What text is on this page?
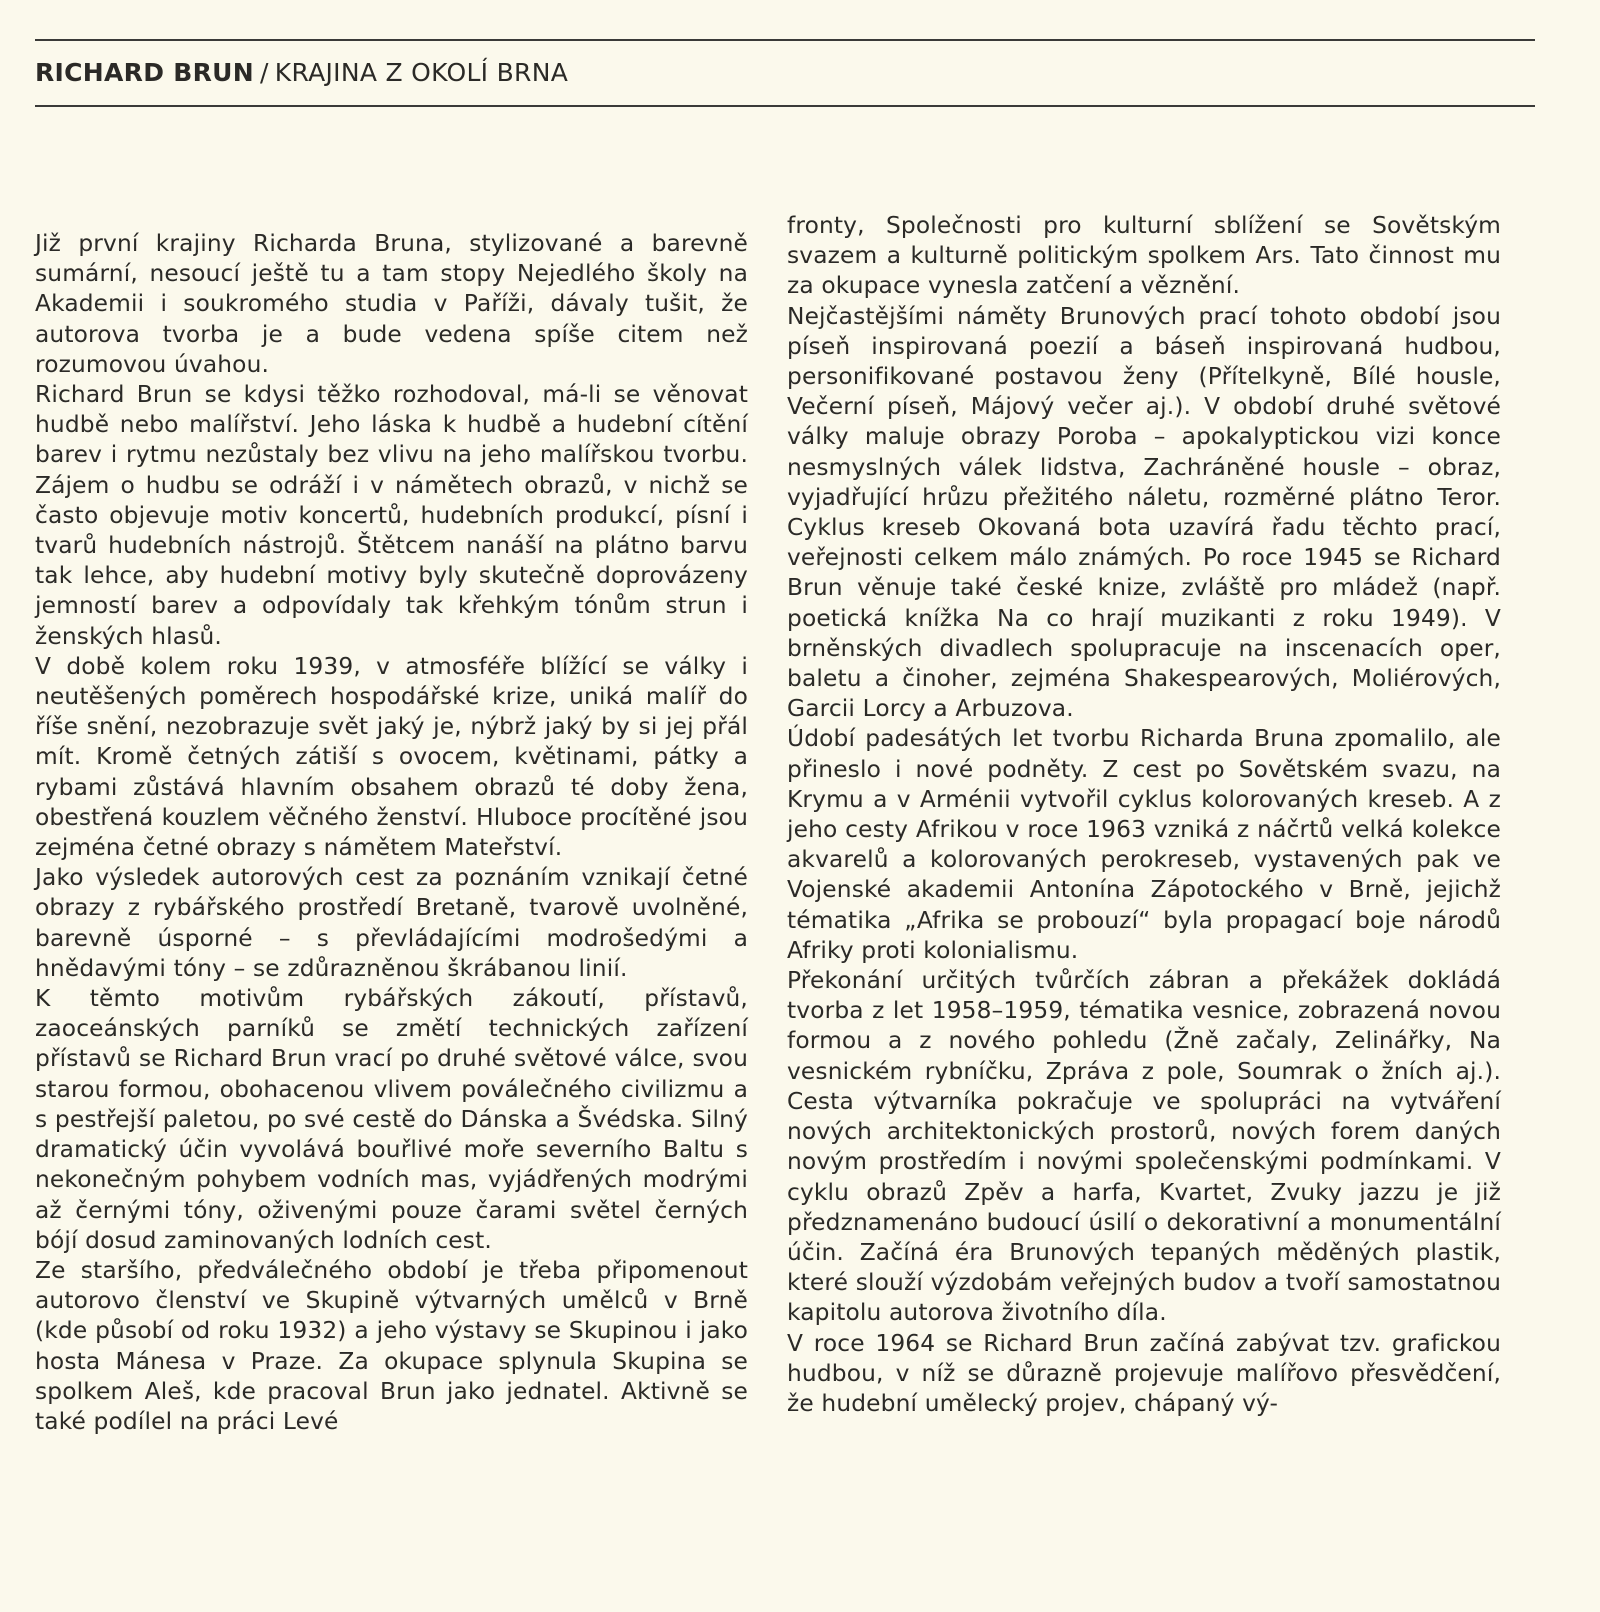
RICHARD BRUN / KRAJINA Z OKOLÍ BRNA

Již první krajiny Richarda Bruna, stylizované a barevně sumární, nesoucí ještě tu a tam stopy Nejedlého školy na Akademii i soukromého studia v Paříži, dávaly tušit, že autorova tvorba je a bude vedena spíše citem než rozumovou úvahou.

Richard Brun se kdysi těžko rozhodoval, má-li se věnovat hudbě nebo malířství. Jeho láska k hudbě a hudební cítění barev i rytmu nezůstaly bez vlivu na jeho malířskou tvorbu. Zájem o hudbu se odráží i v námětech obrazů, v nichž se často objevuje motiv koncertů, hudebních produkcí, písní i tvarů hudebních nástrojů. Štětcem nanáší na plátno barvu tak lehce, aby hudební motivy byly skutečně doprovázeny jemností barev a odpovídaly tak křehkým tónům strun i ženských hlasů.

V době kolem roku 1939, v atmosféře blížící se války i neutěšených poměrech hospodářské krize, uniká malíř do říše snění, nezobrazuje svět jaký je, nýbrž jaký by si jej přál mít. Kromě četných zátiší s ovocem, květinami, pátky a rybami zůstává hlavním obsahem obrazů té doby žena, obestřená kouzlem věčného ženství. Hluboce procítěné jsou zejména četné obrazy s námětem Mateřství.

Jako výsledek autorových cest za poznáním vznikají četné obrazy z rybářského prostředí Bretaně, tvarově uvolněné, barevně úsporné – s převládajícími modrošedými a hnědavými tóny – se zdůrazněnou škrábanou linií.

K těmto motivům rybářských zákoutí, přístavů, zaoceánských parníků se změtí technických zařízení přístavů se Richard Brun vrací po druhé světové válce, svou starou formou, obohacenou vlivem poválečného civilizmu a s pestřejší paletou, po své cestě do Dánska a Švédska. Silný dramatický účin vyvolává bouřlivé moře severního Baltu s nekonečným pohybem vodních mas, vyjádřených modrými až černými tóny, oživenými pouze čarami světel černých bójí dosud zaminovaných lodních cest.

Ze staršího, předválečného období je třeba připomenout autorovo členství ve Skupině výtvarných umělců v Brně (kde působí od roku 1932) a jeho výstavy se Skupinou i jako hosta Mánesa v Praze. Za okupace splynula Skupina se spolkem Aleš, kde pracoval Brun jako jednatel. Aktivně se také podílel na práci Levé

fronty, Společnosti pro kulturní sblížení se Sovětským svazem a kulturně politickým spolkem Ars. Tato činnost mu za okupace vynesla zatčení a věznění.

Nejčastějšími náměty Brunových prací tohoto období jsou píseň inspirovaná poezií a báseň inspirovaná hudbou, personifikované postavou ženy (Přítelkyně, Bílé housle, Večerní píseň, Májový večer aj.). V období druhé světové války maluje obrazy Poroba – apokalyptickou vizi konce nesmyslných válek lidstva, Zachráněné housle – obraz, vyjadřující hrůzu přežitého náletu, rozměrné plátno Teror. Cyklus kreseb Okovaná bota uzavírá řadu těchto prací, veřejnosti celkem málo známých. Po roce 1945 se Richard Brun věnuje také české knize, zvláště pro mládež (např. poetická knížka Na co hrají muzikanti z roku 1949). V brněnských divadlech spolupracuje na inscenacích oper, baletu a činoher, zejména Shakespearových, Moliérových, Garcii Lorcy a Arbuzova.

Údobí padesátých let tvorbu Richarda Bruna zpomalilo, ale přineslo i nové podněty. Z cest po Sovětském svazu, na Krymu a v Arménii vytvořil cyklus kolorovaných kreseb. A z jeho cesty Afrikou v roce 1963 vzniká z náčrtů velká kolekce akvarelů a kolorovaných perokreseb, vystavených pak ve Vojenské akademii Antonína Zápotockého v Brně, jejichž tématika „Afrika se probouzí“ byla propagací boje národů Afriky proti kolonialismu.

Překonání určitých tvůrčích zábran a překážek dokládá tvorba z let 1958–1959, tématika vesnice, zobrazená novou formou a z nového pohledu (Žně začaly, Zelinářky, Na vesnickém rybníčku, Zpráva z pole, Soumrak o žních aj.). Cesta výtvarníka pokračuje ve spolupráci na vytváření nových architektonických prostorů, nových forem daných novým prostředím i novými společenskými podmínkami. V cyklu obrazů Zpěv a harfa, Kvartet, Zvuky jazzu je již předznamenáno budoucí úsilí o dekorativní a monumentální účin. Začíná éra Brunových tepaných měděných plastik, které slouží výzdobám veřejných budov a tvoří samostatnou kapitolu autorova životního díla.

V roce 1964 se Richard Brun začíná zabývat tzv. grafickou hudbou, v níž se důrazně projevuje malířovo přesvědčení, že hudební umělecký projev, chápaný vý-
